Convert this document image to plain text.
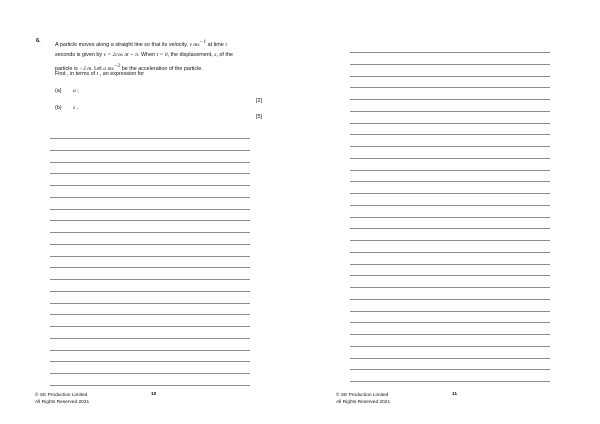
6.

A particle moves along a straight line so that its velocity, v $ms^{-1}$ at time t

seconds is given by v = 2cos πt + π. When t = 0, the displacement, s, of the

particle is −3 m. Let a $ms^{-2}$ be the acceleration of the particle.

Find , in terms of t , an expression for
(a) a ;
[2]
(b) s .
[5]
© SE Production Limited
All Rights Reserved 2021
10	© SE Production Limited
All Rights Reserved 2021
11
